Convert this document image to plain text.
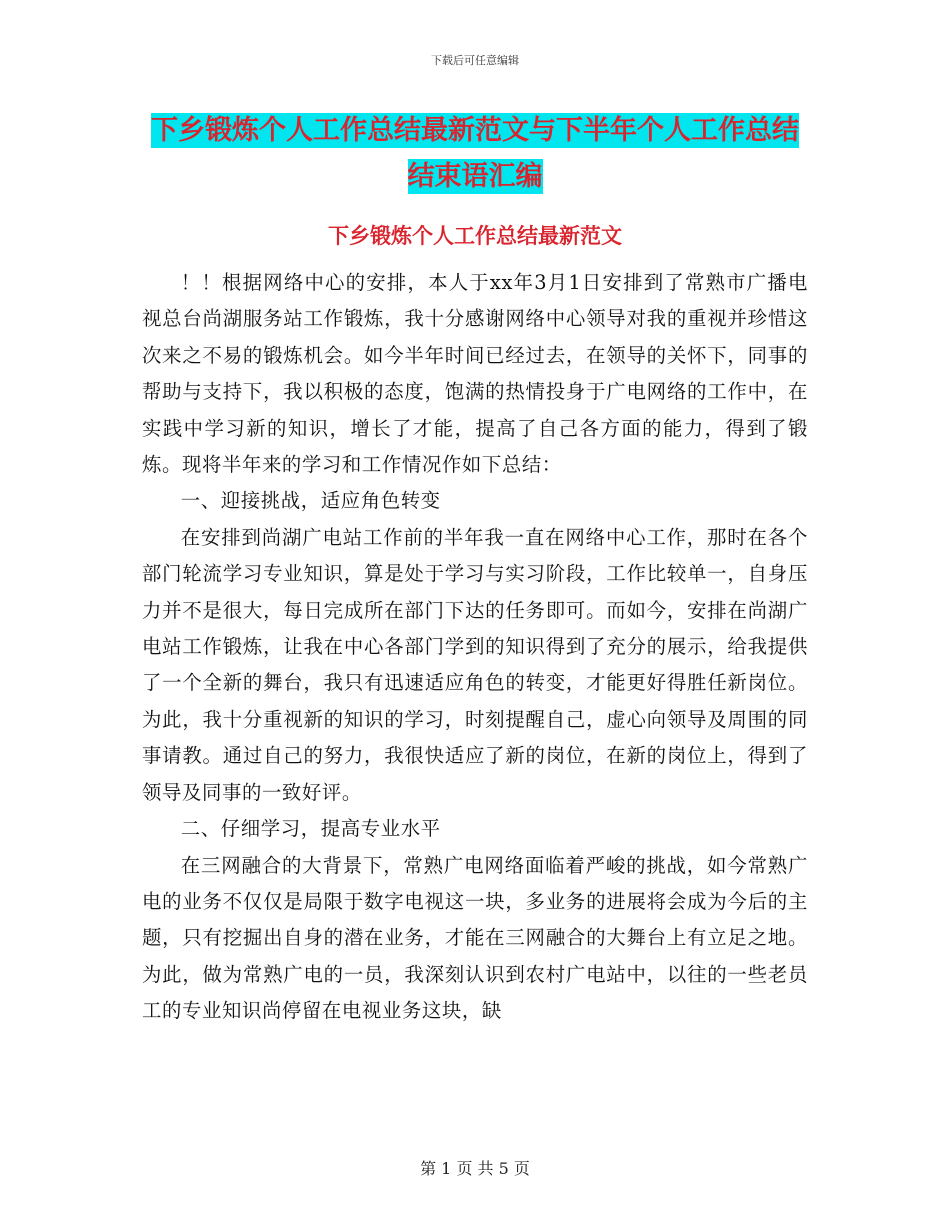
下载后可任意编辑
下乡锻炼个人工作总结最新范文与下半年个人工作总结结束语汇编
下乡锻炼个人工作总结最新范文

！！根据网络中心的安排，本人于xx年3月1日安排到了常熟市广播电视总台尚湖服务站工作锻炼，我十分感谢网络中心领导对我的重视并珍惜这次来之不易的锻炼机会。如今半年时间已经过去，在领导的关怀下，同事的帮助与支持下，我以积极的态度，饱满的热情投身于广电网络的工作中，在实践中学习新的知识，增长了才能，提高了自己各方面的能力，得到了锻炼。现将半年来的学习和工作情况作如下总结：

一、迎接挑战，适应角色转变

在安排到尚湖广电站工作前的半年我一直在网络中心工作，那时在各个部门轮流学习专业知识，算是处于学习与实习阶段，工作比较单一，自身压力并不是很大，每日完成所在部门下达的任务即可。而如今，安排在尚湖广电站工作锻炼，让我在中心各部门学到的知识得到了充分的展示，给我提供了一个全新的舞台，我只有迅速适应角色的转变，才能更好得胜任新岗位。为此，我十分重视新的知识的学习，时刻提醒自己，虚心向领导及周围的同事请教。通过自己的努力，我很快适应了新的岗位，在新的岗位上，得到了领导及同事的一致好评。

二、仔细学习，提高专业水平

在三网融合的大背景下，常熟广电网络面临着严峻的挑战，如今常熟广电的业务不仅仅是局限于数字电视这一块，多业务的进展将会成为今后的主题，只有挖掘出自身的潜在业务，才能在三网融合的大舞台上有立足之地。为此，做为常熟广电的一员，我深刻认识到农村广电站中，以往的一些老员工的专业知识尚停留在电视业务这块，缺

第 1 页 共 5 页
